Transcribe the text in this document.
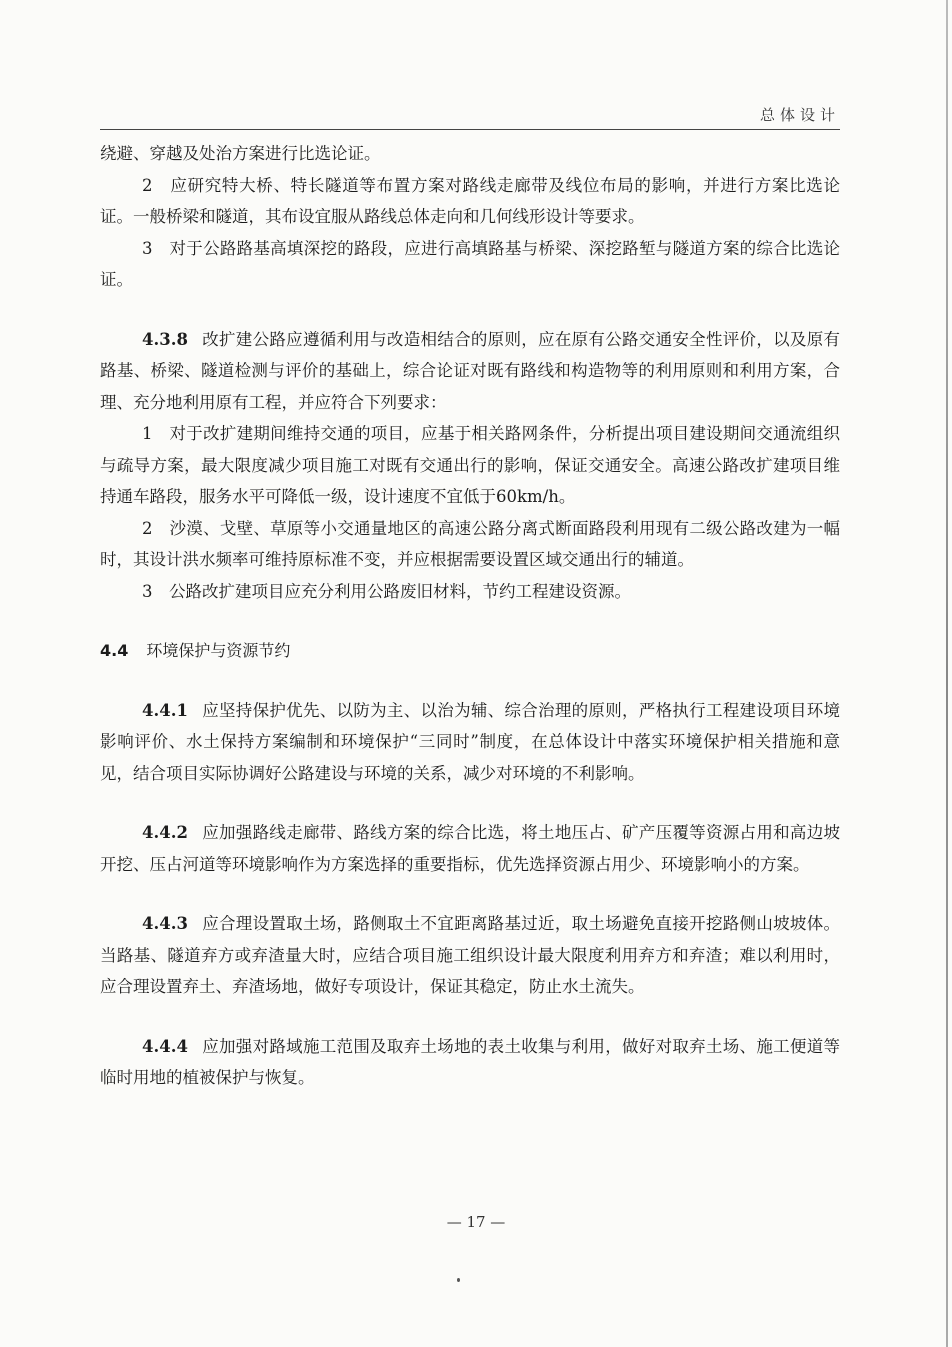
总体设计

绕避、穿越及处治方案进行比选论证。

2　应研究特大桥、特长隧道等布置方案对路线走廊带及线位布局的影响，并进行方案比选论证。一般桥梁和隧道，其布设宜服从路线总体走向和几何线形设计等要求。

3　对于公路路基高填深挖的路段，应进行高填路基与桥梁、深挖路堑与隧道方案的综合比选论证。

4.3.8 改扩建公路应遵循利用与改造相结合的原则，应在原有公路交通安全性评价，以及原有路基、桥梁、隧道检测与评价的基础上，综合论证对既有路线和构造物等的利用原则和利用方案，合理、充分地利用原有工程，并应符合下列要求：

1　对于改扩建期间维持交通的项目，应基于相关路网条件，分析提出项目建设期间交通流组织与疏导方案，最大限度减少项目施工对既有交通出行的影响，保证交通安全。高速公路改扩建项目维持通车路段，服务水平可降低一级，设计速度不宜低于60km/h。

2　沙漠、戈壁、草原等小交通量地区的高速公路分离式断面路段利用现有二级公路改建为一幅时，其设计洪水频率可维持原标准不变，并应根据需要设置区域交通出行的辅道。

3　公路改扩建项目应充分利用公路废旧材料，节约工程建设资源。

4.4 环境保护与资源节约

4.4.1 应坚持保护优先、以防为主、以治为辅、综合治理的原则，严格执行工程建设项目环境影响评价、水土保持方案编制和环境保护“三同时”制度，在总体设计中落实环境保护相关措施和意见，结合项目实际协调好公路建设与环境的关系，减少对环境的不利影响。

4.4.2 应加强路线走廊带、路线方案的综合比选，将土地压占、矿产压覆等资源占用和高边坡开挖、压占河道等环境影响作为方案选择的重要指标，优先选择资源占用少、环境影响小的方案。

4.4.3 应合理设置取土场，路侧取土不宜距离路基过近，取土场避免直接开挖路侧山坡坡体。当路基、隧道弃方或弃渣量大时，应结合项目施工组织设计最大限度利用弃方和弃渣；难以利用时，应合理设置弃土、弃渣场地，做好专项设计，保证其稳定，防止水土流失。

4.4.4 应加强对路域施工范围及取弃土场地的表土收集与利用，做好对取弃土场、施工便道等临时用地的植被保护与恢复。

— 17 —
